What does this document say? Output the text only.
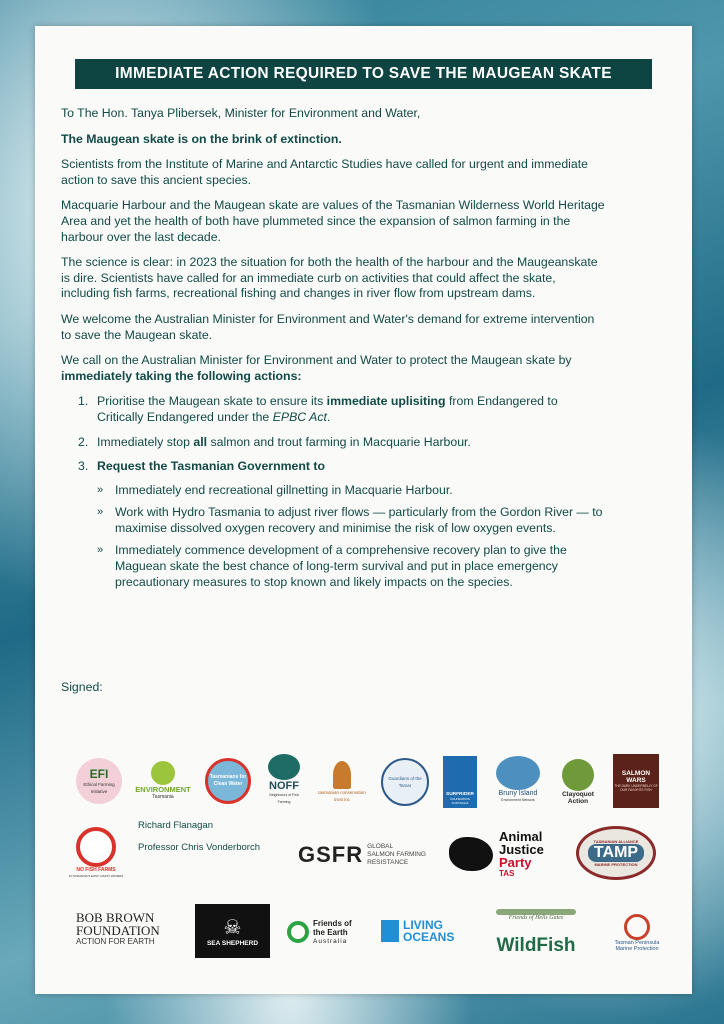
IMMEDIATE ACTION REQUIRED TO SAVE THE MAUGEAN SKATE

To The Hon. Tanya Plibersek, Minister for Environment and Water,

The Maugean skate is on the brink of extinction.

Scientists from the Institute of Marine and Antarctic Studies have called for urgent and immediate action to save this ancient species.

Macquarie Harbour and the Maugean skate are values of the Tasmanian Wilderness World Heritage Area and yet the health of both have plummeted since the expansion of salmon farming in the harbour over the last decade.

The science is clear: in 2023 the situation for both the health of the harbour and the Maugeanskate is dire. Scientists have called for an immediate curb on activities that could affect the skate, including fish farms, recreational fishing and changes in river flow from upstream dams.

We welcome the Australian Minister for Environment and Water's demand for extreme intervention to save the Maugean skate.

We call on the Australian Minister for Environment and Water to protect the Maugean skate by immediately taking the following actions:

1. Prioritise the Maugean skate to ensure its immediate uplisiting from Endangered to Critically Endangered under the EPBC Act.
2. Immediately stop all salmon and trout farming in Macquarie Harbour.
3. Request the Tasmanian Government to
» Immediately end recreational gillnetting in Macquarie Harbour.
» Work with Hydro Tasmania to adjust river flows — particularly from the Gordon River — to maximise dissolved oxygen recovery and minimise the risk of low oxygen events.
» Immediately commence development of a comprehensive recovery plan to give the Maguean skate the best chance of long-term survival and put in place emergency precautionary measures to stop known and likely impacts on the species.
Signed:
EFI
Ethical Farming Initiative	ENVIRONMENT
Tasmania
Tasmanians for Clean Water	NOFF
Neighbours of Fish Farming
tasmanian conservation trust inc
Guardians of the Tamar
SURFRIDER
FOUNDATION AUSTRALIA
Bruny Island
Environment Network
Clayoquot Action
SALMON WARS
THE DARK UNDERBELLY OF OUR FAVORITE FISH
NO FISH FARMS
IN TASMANIA'S EAST COAST WATERS
Richard Flanagan
Professor Chris Vonderborch GSFR GLOBAL
SALMON FARMING
RESISTANCE
Animal
Justice
Party
TAS
TASMANIAN ALLIANCE
TAMP
MARINE PROTECTION
BOB BROWN
FOUNDATION
ACTION FOR EARTH
☠
SEA SHEPHERD
Friends of
the Earth
Australia
LIVING
OCEANS
Friends of Hells Gates
WildFish	Tasman Peninsula
Marine Protection
